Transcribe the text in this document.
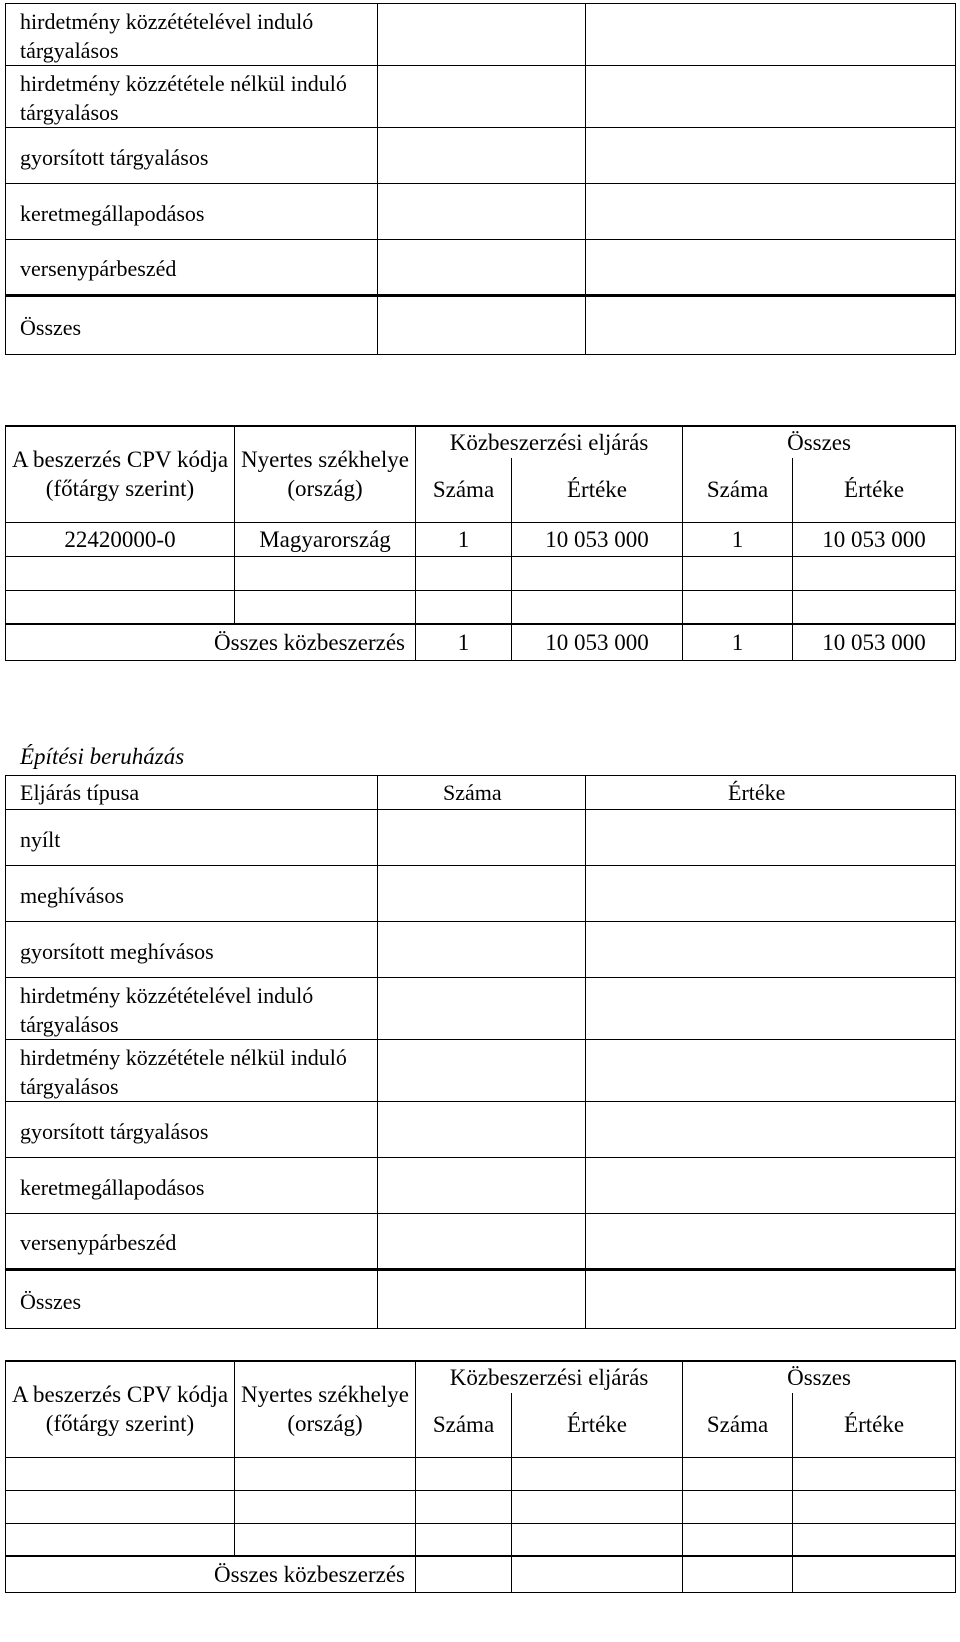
hirdetmény közzétételével induló tárgyalásos		
hirdetmény közzététele nélkül induló tárgyalásos		
gyorsított tárgyalásos		
keretmegállapodásos		
versenypárbeszéd		
Összes		
A beszerzés CPV kódja (főtárgy szerint)	Nyertes székhelye (ország)	Közbeszerzési eljárás		Összes	
		Száma	Értéke	Száma	Értéke
22420000-0	Magyarország	1	10 053 000	1	10 053 000

Összes közbeszerzés		1	10 053 000	1	10 053 000
Építési beruházás
Eljárás típusa	Száma	Értéke
nyílt		
meghívásos		
gyorsított meghívásos		
hirdetmény közzétételével induló tárgyalásos		
hirdetmény közzététele nélkül induló tárgyalásos		
gyorsított tárgyalásos		
keretmegállapodásos		
versenypárbeszéd		
Összes		
A beszerzés CPV kódja (főtárgy szerint)	Nyertes székhelye (ország)	Közbeszerzési eljárás		Összes	
		Száma	Értéke	Száma	Értéke

Összes közbeszerzés					
